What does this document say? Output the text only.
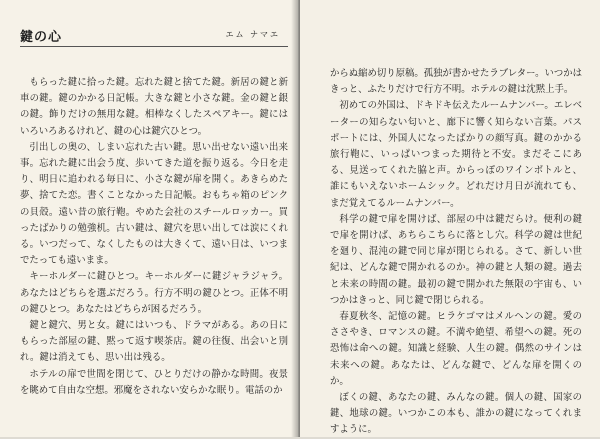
鍵の心	エム ナマエ

もらった鍵に拾った鍵。忘れた鍵と捨てた鍵。新居の鍵と新車の鍵。鍵のかかる日記帳。大きな鍵と小さな鍵。金の鍵と銀の鍵。飾りだけの無用な鍵。相棒なくしたスペアキー。鍵にはいろいろあるけれど、鍵の心は鍵穴ひとつ。

引出しの奥の、しまい忘れた古い鍵。思い出せない遠い出来事。忘れた鍵に出会う度、歩いてきた道を振り返る。今日を走り、明日に追われる毎日に、小さな鍵が扉を開く。あきらめた夢、捨てた恋。書くことなかった日記帳。おもちゃ箱のピンクの貝殻。遠い昔の旅行鞄。やめた会社のスチールロッカー。買ったばかりの勉強机。古い鍵は、鍵穴を思い出しては涙にくれる。いつだって、なくしたものは大きくて、遠い日は、いつまでたっても遠いまま。

キーホルダーに鍵ひとつ。キーホルダーに鍵ジャラジャラ。あなたはどちらを選ぶだろう。行方不明の鍵ひとつ。正体不明の鍵ひとつ。あなたはどちらが困るだろう。

鍵と鍵穴、男と女。鍵にはいつも、ドラマがある。あの日にもらった部屋の鍵、黙って返す喫茶店。鍵の往復、出会いと別れ。鍵は消えても、思い出は残る。

ホテルの扉で世間を閉じて、ひとりだけの静かな時間。夜景を眺めて自由な空想。邪魔をされない安らかな眠り。電話のか

からぬ縮め切り原稿。孤独が書かせたラブレター。いつかはきっと、ふたりだけで行方不明。ホテルの鍵は沈黙上手。

初めての外国は、ドキドキ伝えたルームナンバー。エレベーターの知らない匂いと、廊下に響く知らない言葉。パスポートには、外国人になったばかりの顔写真。鍵のかかる旅行鞄に、いっぱいつまった期待と不安。まだそこにある、見送ってくれた脇と声。からっぽのワインボトルと、誰にもいえないホームシック。どれだけ月日が流れても、まだ覚えてるルームナンバー。

科学の鍵で扉を開けば、部屋の中は鍵だらけ。便利の鍵で扉を開けば、あちらこちらに落とし穴。科学の鍵は世紀を廻り、混沌の鍵で同じ扉が閉じられる。さて、新しい世紀は、どんな鍵で開かれるのか。神の鍵と人類の鍵。過去と未来の時間の鍵。最初の鍵で開かれた無限の宇宙も、いつかはきっと、同じ鍵で閉じられる。

春夏秋冬、記憶の鍵。ヒラケゴマはメルヘンの鍵。愛のささやき、ロマンスの鍵。不満や絶望、希望への鍵。死の恐怖は命への鍵。知識と経験、人生の鍵。偶然のサインは未来への鍵。あなたは、どんな鍵で、どんな扉を開くのか。

ぼくの鍵、あなたの鍵、みんなの鍵。個人の鍵、国家の鍵、地球の鍵。いつかこの本も、誰かの鍵になってくれますように。
